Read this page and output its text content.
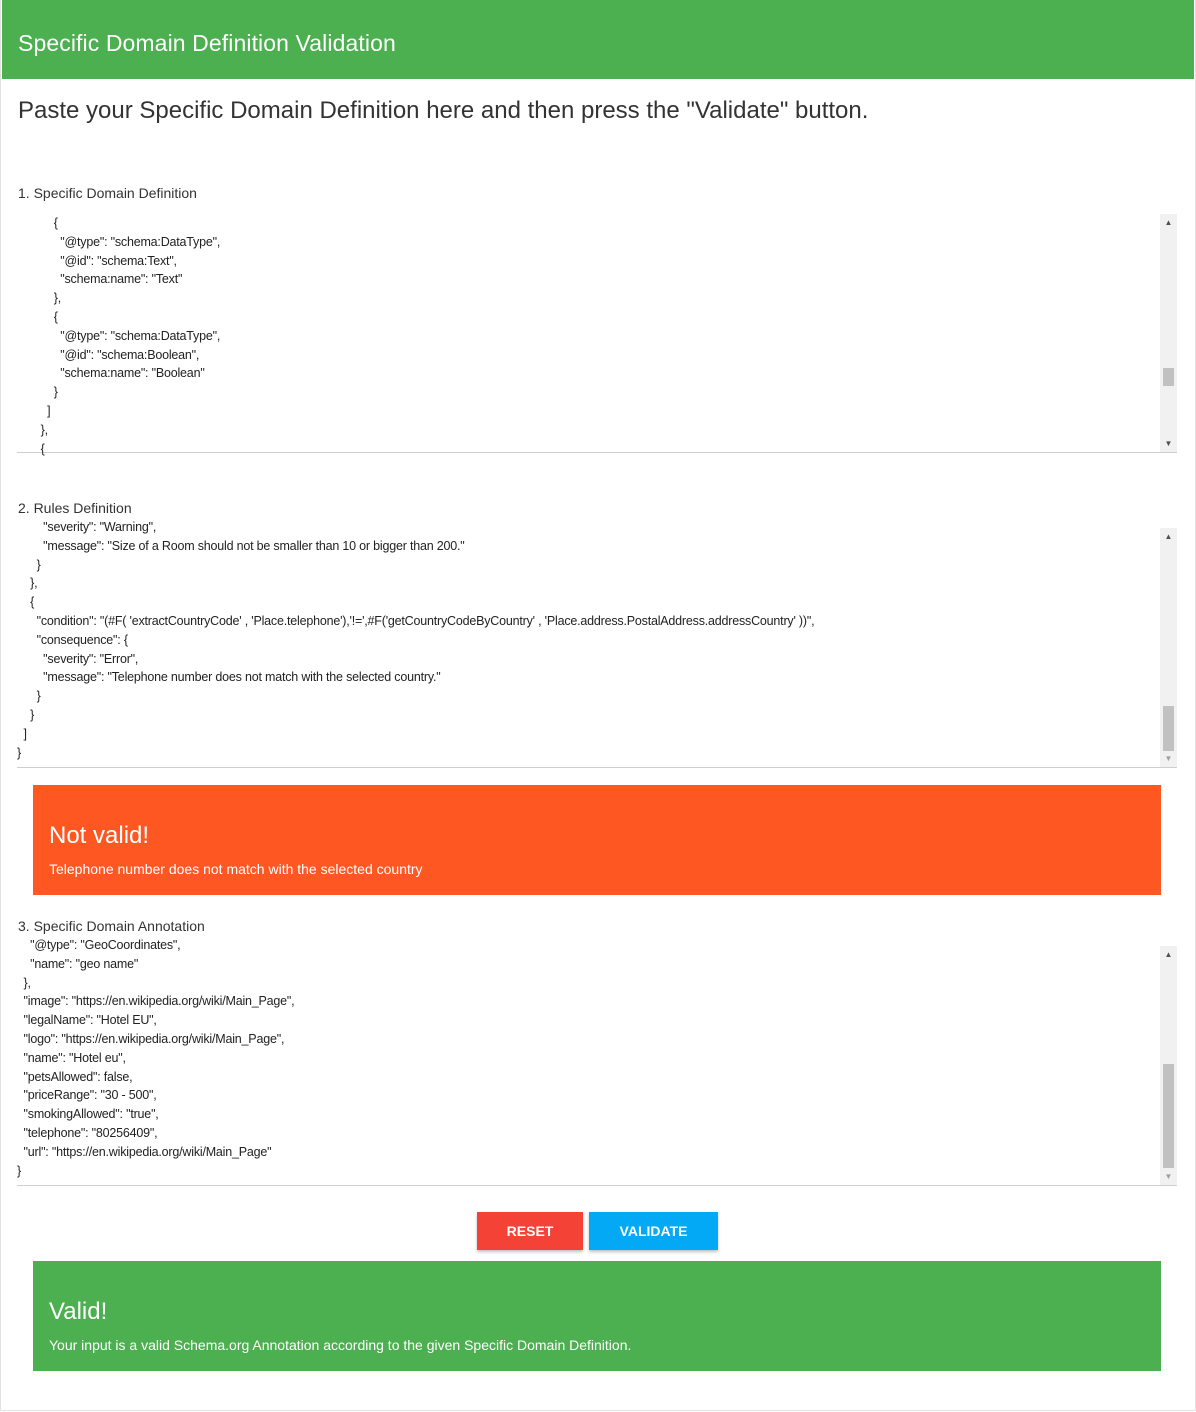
Specific Domain Definition Validation
Paste your Specific Domain Definition here and then press the "Validate" button.
1. Specific Domain Definition
{
"@type": "schema:DataType",
"@id": "schema:Text",
"schema:name": "Text"
},
{
"@type": "schema:DataType",
"@id": "schema:Boolean",
"schema:name": "Boolean"
}
]
},
{
▲
▼
2. Rules Definition
"severity": "Warning",
"message": "Size of a Room should not be smaller than 10 or bigger than 200."
}
},
{
"condition": "(#F( 'extractCountryCode' , 'Place.telephone'),'!=',#F('getCountryCodeByCountry' , 'Place.address.PostalAddress.addressCountry' ))",
"consequence": {
"severity": "Error",
"message": "Telephone number does not match with the selected country."
}
}
]
}
▲
▼
Not valid!
Telephone number does not match with the selected country
3. Specific Domain Annotation
"@type": "GeoCoordinates",
"name": "geo name"
},
"image": "https://en.wikipedia.org/wiki/Main_Page",
"legalName": "Hotel EU",
"logo": "https://en.wikipedia.org/wiki/Main_Page",
"name": "Hotel eu",
"petsAllowed": false,
"priceRange": "30 - 500",
"smokingAllowed": "true",
"telephone": "80256409",
"url": "https://en.wikipedia.org/wiki/Main_Page"
}
▲
▼
RESET	VALIDATE
Valid!
Your input is a valid Schema.org Annotation according to the given Specific Domain Definition.
